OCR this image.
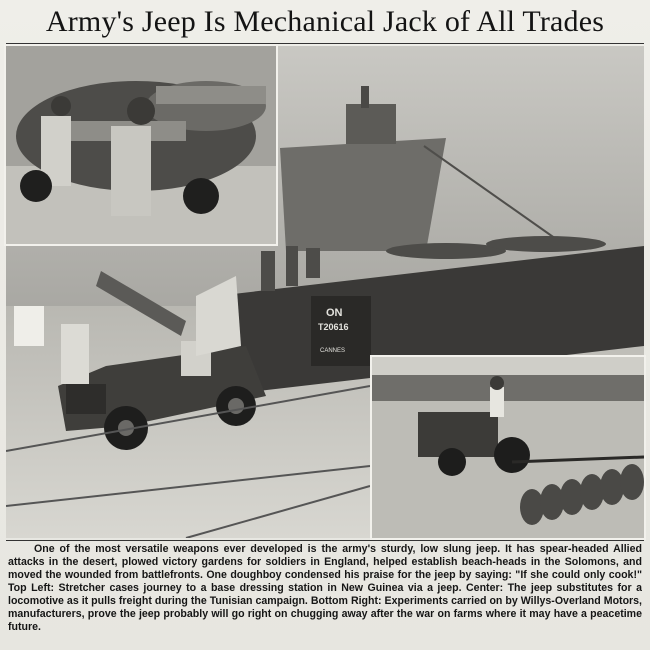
Army's Jeep Is Mechanical Jack of All Trades
ON
T20616
CANNES
One of the most versatile weapons ever developed is the army's sturdy, low slung jeep. It has spear-headed Allied attacks in the desert, plowed victory gardens for soldiers in England, helped establish beach-heads in the Solomons, and moved the wounded from battlefronts. One doughboy condensed his praise for the jeep by saying: "If she could only cook!" Top Left: Stretcher cases journey to a base dressing station in New Guinea via a jeep. Center: The jeep substitutes for a locomotive as it pulls freight during the Tunisian campaign. Bottom Right: Experiments carried on by Willys-Overland Motors, manufacturers, prove the jeep probably will go right on chugging away after the war on farms where it may have a peacetime future.
